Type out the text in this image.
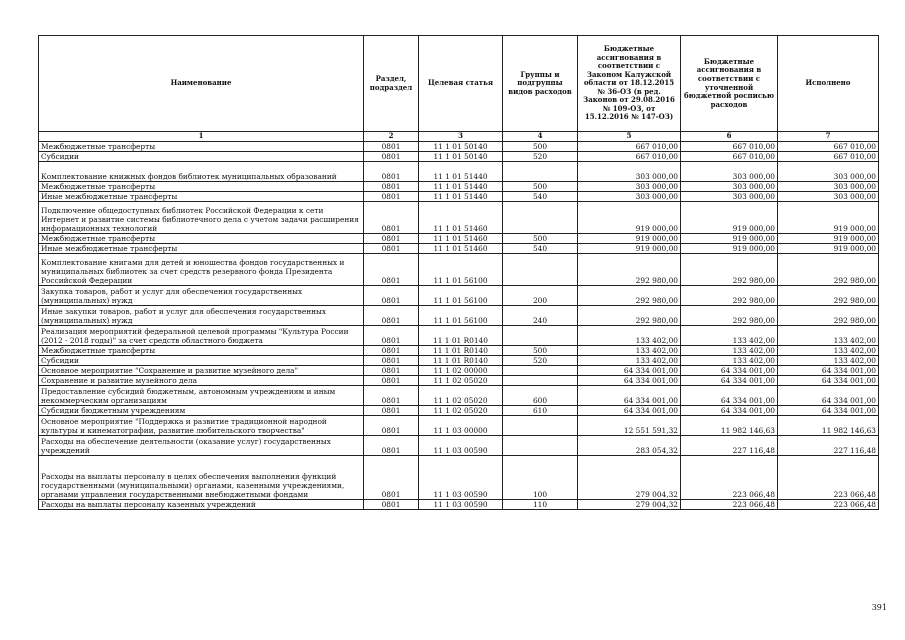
Наименование	Раздел, подраздел	Целевая статья	Группы и подгруппы видов расходов	Бюджетные ассигнования в соответствии с Законом Калужской области от 18.12.2015 № 36-ОЗ (в ред. Законов от 29.08.2016 № 109-ОЗ, от 15.12.2016 № 147-ОЗ)	Бюджетные ассигнования в соответствии с уточненной бюджетной росписью расходов	Исполнено
1	2	3	4	5	6	7
Межбюджетные трансферты	0801	11 1 01 50140	500	667 010,00	667 010,00	667 010,00
Субсидии	0801	11 1 01 50140	520	667 010,00	667 010,00	667 010,00
Комплектование книжных фондов библиотек муниципальных образований	0801	11 1 01 51440		303 000,00	303 000,00	303 000,00
Межбюджетные трансферты	0801	11 1 01 51440	500	303 000,00	303 000,00	303 000,00
Иные межбюджетные трансферты	0801	11 1 01 51440	540	303 000,00	303 000,00	303 000,00
Подключение общедоступных библиотек Российской Федерации к сети Интернет и развитие системы библиотечного дела с учетом задачи расширения информационных технологий	0801	11 1 01 51460		919 000,00	919 000,00	919 000,00
Межбюджетные трансферты	0801	11 1 01 51460	500	919 000,00	919 000,00	919 000,00
Иные межбюджетные трансферты	0801	11 1 01 51460	540	919 000,00	919 000,00	919 000,00
Комплектование книгами для детей и юношества фондов государственных и муниципальных библиотек за счет средств резервного фонда Президента Российской Федерации	0801	11 1 01 56100		292 980,00	292 980,00	292 980,00
Закупка товаров, работ и услуг для обеспечения государственных (муниципальных) нужд	0801	11 1 01 56100	200	292 980,00	292 980,00	292 980,00
Иные закупки товаров, работ и услуг для обеспечения государственных (муниципальных) нужд	0801	11 1 01 56100	240	292 980,00	292 980,00	292 980,00
Реализация мероприятий федеральной целевой программы "Культура России (2012 - 2018 годы)" за счет средств областного бюджета	0801	11 1 01 R0140		133 402,00	133 402,00	133 402,00
Межбюджетные трансферты	0801	11 1 01 R0140	500	133 402,00	133 402,00	133 402,00
Субсидии	0801	11 1 01 R0140	520	133 402,00	133 402,00	133 402,00
Основное мероприятие "Сохранение и развитие музейного дела"	0801	11 1 02 00000		64 334 001,00	64 334 001,00	64 334 001,00
Сохранение и развитие музейного дела	0801	11 1 02 05020		64 334 001,00	64 334 001,00	64 334 001,00
Предоставление субсидий бюджетным, автономным учреждениям и иным некоммерческим организациям	0801	11 1 02 05020	600	64 334 001,00	64 334 001,00	64 334 001,00
Субсидии бюджетным учреждениям	0801	11 1 02 05020	610	64 334 001,00	64 334 001,00	64 334 001,00
Основное мероприятие "Поддержка и развитие традиционной народной культуры и кинематографии, развитие любительского творчества"	0801	11 1 03 00000		12 551 591,32	11 982 146,63	11 982 146,63
Расходы на обеспечение деятельности (оказание услуг) государственных учреждений	0801	11 1 03 00590		283 054,32	227 116,48	227 116,48
Расходы на выплаты персоналу в целях обеспечения выполнения функций государственными (муниципальными) органами, казенными учреждениями, органами управления государственными внебюджетными фондами	0801	11 1 03 00590	100	279 004,32	223 066,48	223 066,48
Расходы на выплаты персоналу казенных учреждений	0801	11 1 03 00590	110	279 004,32	223 066,48	223 066,48
391
